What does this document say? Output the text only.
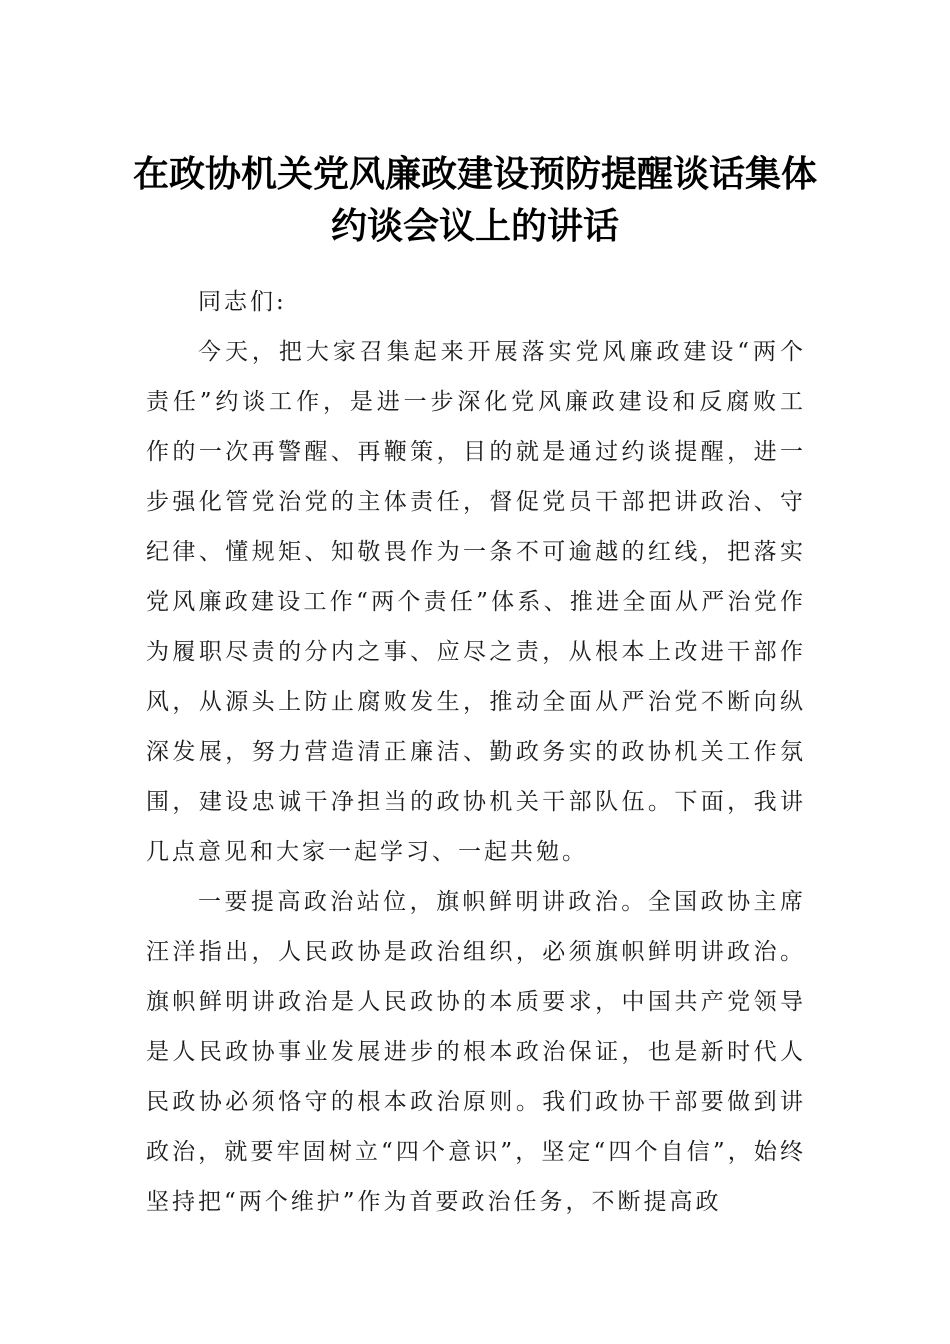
在政协机关党风廉政建设预防提醒谈话集体约谈会议上的讲话

同志们:

今天，把大家召集起来开展落实党风廉政建设“两个责任”约谈工作，是进一步深化党风廉政建设和反腐败工作的一次再警醒、再鞭策，目的就是通过约谈提醒，进一步强化管党治党的主体责任，督促党员干部把讲政治、守纪律、懂规矩、知敬畏作为一条不可逾越的红线，把落实党风廉政建设工作“两个责任”体系、推进全面从严治党作为履职尽责的分内之事、应尽之责，从根本上改进干部作风，从源头上防止腐败发生，推动全面从严治党不断向纵深发展，努力营造清正廉洁、勤政务实的政协机关工作氛围，建设忠诚干净担当的政协机关干部队伍。下面，我讲几点意见和大家一起学习、一起共勉。

一要提高政治站位，旗帜鲜明讲政治。全国政协主席汪洋指出，人民政协是政治组织，必须旗帜鲜明讲政治。旗帜鲜明讲政治是人民政协的本质要求，中国共产党领导是人民政协事业发展进步的根本政治保证，也是新时代人民政协必须恪守的根本政治原则。我们政协干部要做到讲政治，就要牢固树立“四个意识”，坚定“四个自信”，始终坚持把“两个维护”作为首要政治任务，不断提高政
